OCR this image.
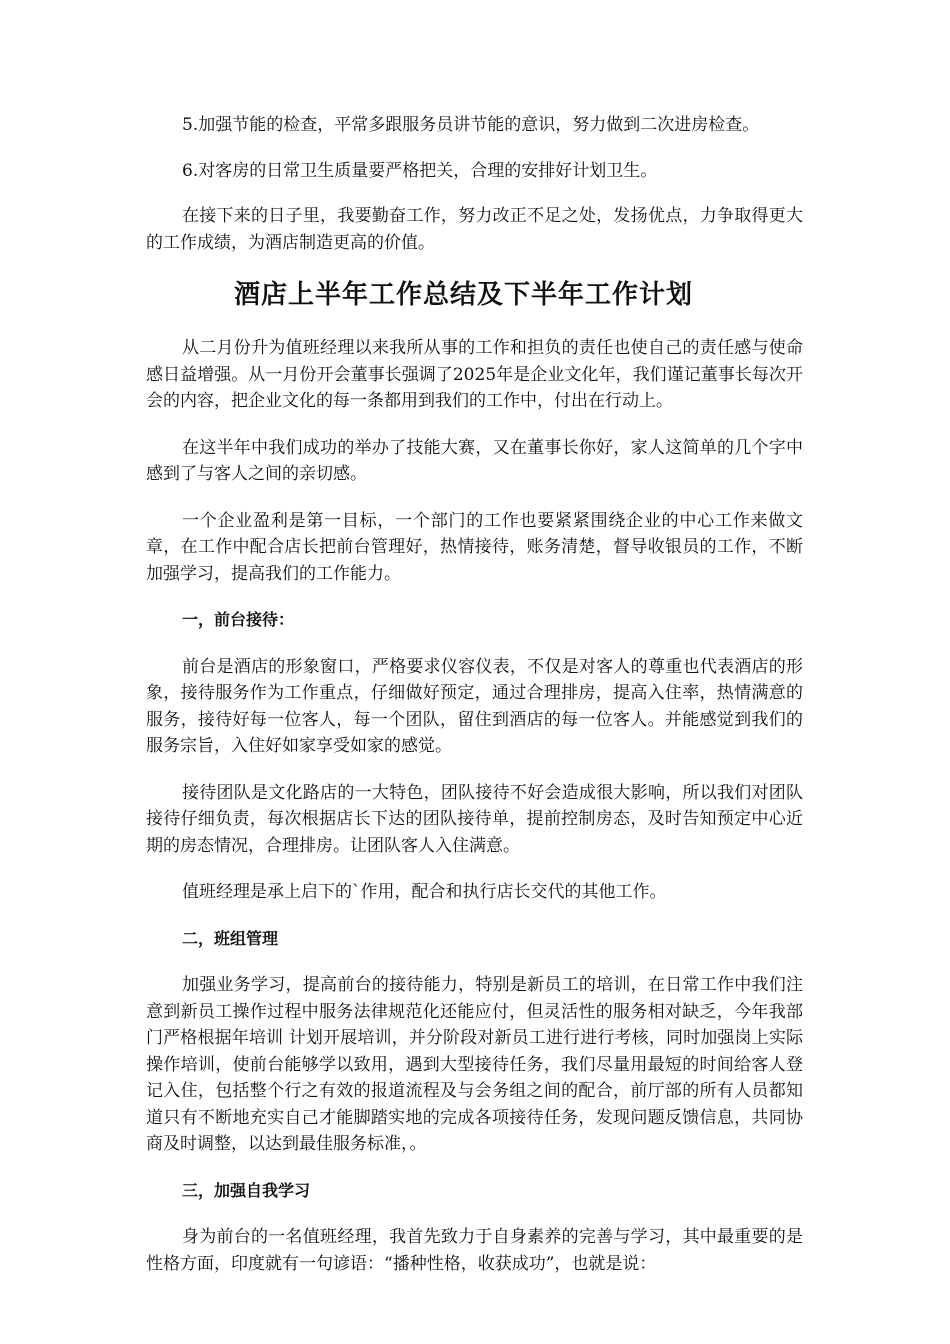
5.加强节能的检查，平常多跟服务员讲节能的意识，努力做到二次进房检查。

6.对客房的日常卫生质量要严格把关，合理的安排好计划卫生。

在接下来的日子里，我要勤奋工作，努力改正不足之处，发扬优点，力争取得更大的工作成绩，为酒店制造更高的价值。

酒店上半年工作总结及下半年工作计划

从二月份升为值班经理以来我所从事的工作和担负的责任也使自己的责任感与使命感日益增强。从一月份开会董事长强调了2025年是企业文化年，我们谨记董事长每次开会的内容，把企业文化的每一条都用到我们的工作中，付出在行动上。

在这半年中我们成功的举办了技能大赛，又在董事长你好，家人这简单的几个字中感到了与客人之间的亲切感。

一个企业盈利是第一目标，一个部门的工作也要紧紧围绕企业的中心工作来做文章，在工作中配合店长把前台管理好，热情接待，账务清楚，督导收银员的工作，不断加强学习，提高我们的工作能力。

一，前台接待：

前台是酒店的形象窗口，严格要求仪容仪表，不仅是对客人的尊重也代表酒店的形象，接待服务作为工作重点，仔细做好预定，通过合理排房，提高入住率，热情满意的服务，接待好每一位客人，每一个团队，留住到酒店的每一位客人。并能感觉到我们的服务宗旨，入住好如家享受如家的感觉。

接待团队是文化路店的一大特色，团队接待不好会造成很大影响，所以我们对团队接待仔细负责，每次根据店长下达的团队接待单，提前控制房态，及时告知预定中心近期的房态情况，合理排房。让团队客人入住满意。

值班经理是承上启下的`作用，配合和执行店长交代的其他工作。

二，班组管理

加强业务学习，提高前台的接待能力，特别是新员工的培训，在日常工作中我们注意到新员工操作过程中服务法律规范化还能应付，但灵活性的服务相对缺乏，今年我部门严格根据年培训 计划开展培训，并分阶段对新员工进行进行考核，同时加强岗上实际操作培训，使前台能够学以致用，遇到大型接待任务，我们尽量用最短的时间给客人登记入住，包括整个行之有效的报道流程及与会务组之间的配合，前厅部的所有人员都知道只有不断地充实自己才能脚踏实地的完成各项接待任务，发现问题反馈信息，共同协商及时调整，以达到最佳服务标准，。

三，加强自我学习

身为前台的一名值班经理，我首先致力于自身素养的完善与学习，其中最重要的是性格方面，印度就有一句谚语：“播种性格，收获成功”，也就是说：
